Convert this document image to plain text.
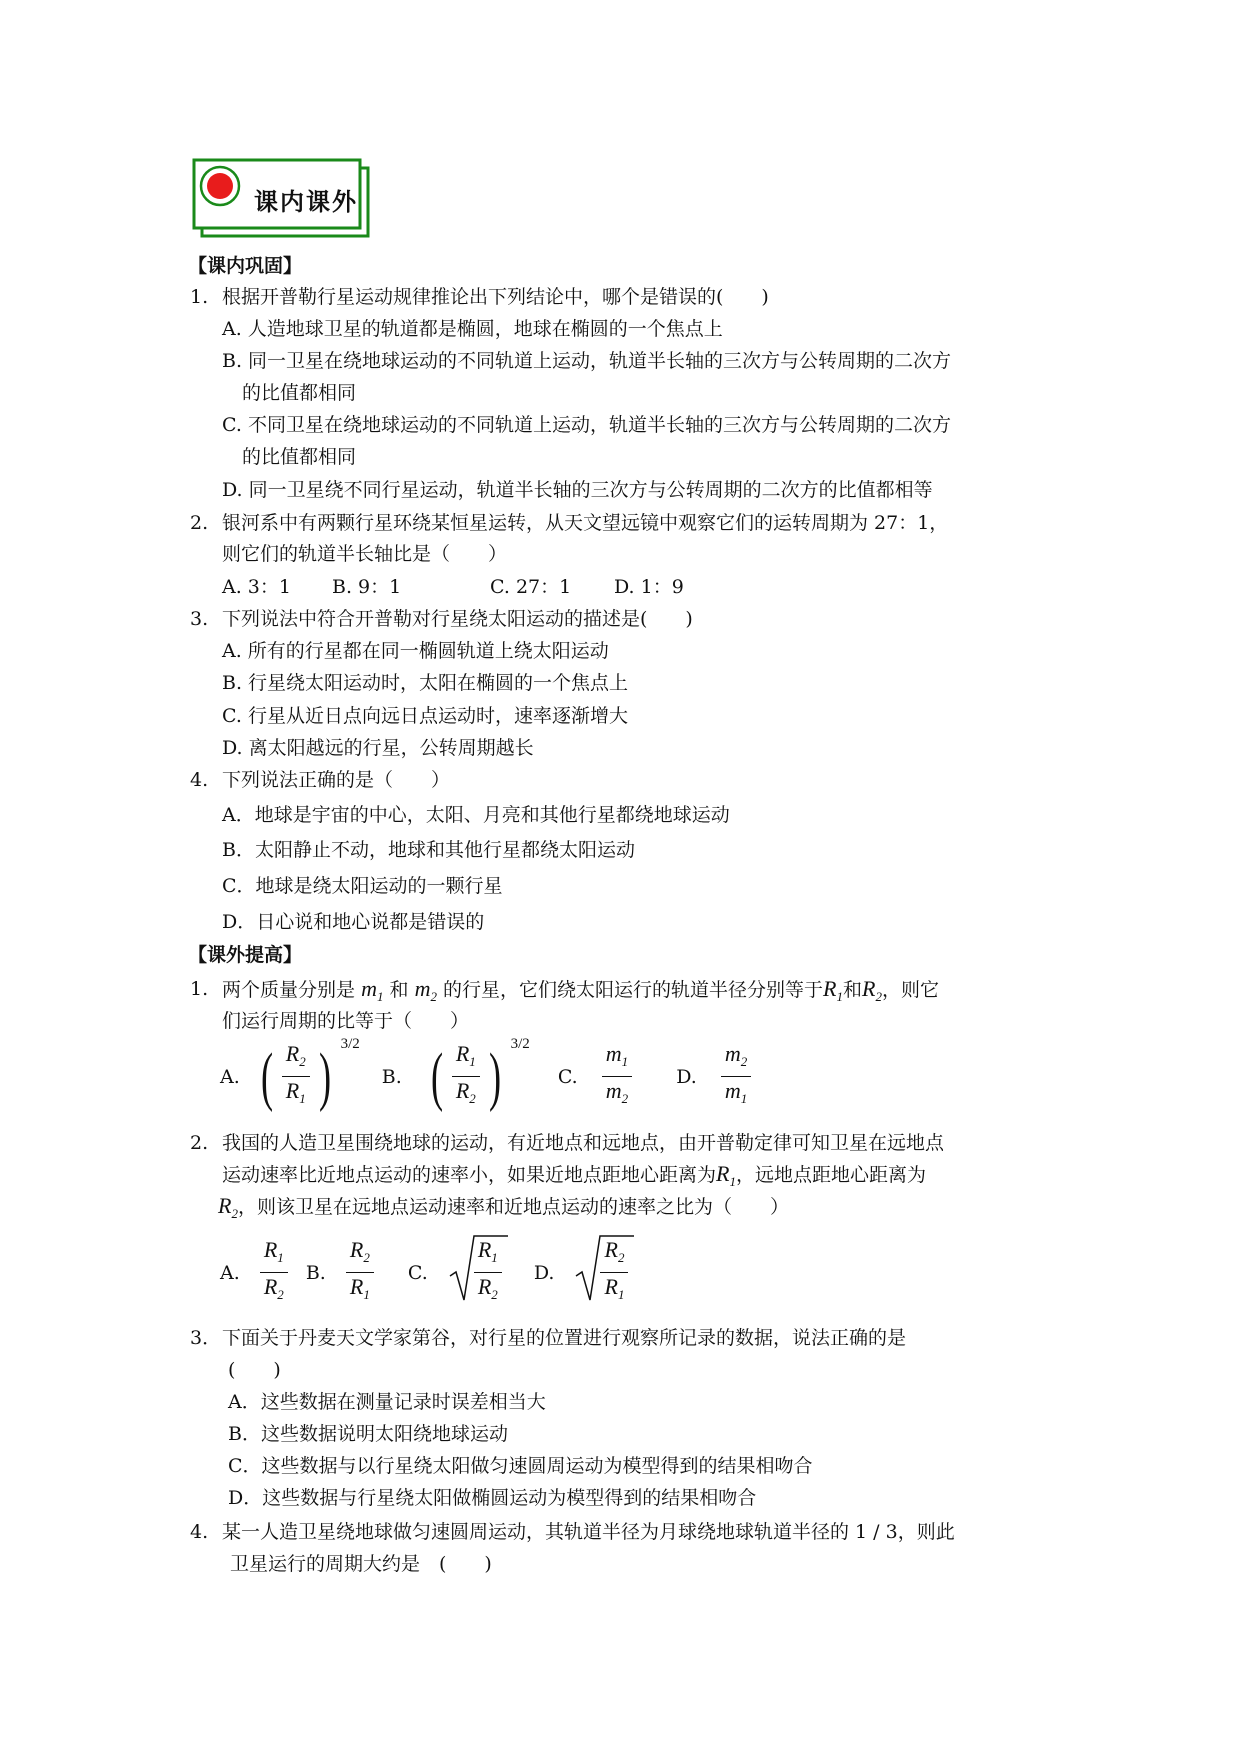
课内课外
【课内巩固】
1. 根据开普勒行星运动规律推论出下列结论中，哪个是错误的(　　)
A. 人造地球卫星的轨道都是椭圆，地球在椭圆的一个焦点上
B. 同一卫星在绕地球运动的不同轨道上运动，轨道半长轴的三次方与公转周期的二次方
的比值都相同
C. 不同卫星在绕地球运动的不同轨道上运动，轨道半长轴的三次方与公转周期的二次方
的比值都相同
D. 同一卫星绕不同行星运动，轨道半长轴的三次方与公转周期的二次方的比值都相等
2. 银河系中有两颗行星环绕某恒星运转，从天文望远镜中观察它们的运转周期为 27：1，
则它们的轨道半长轴比是（　　）
A. 3：1 B. 9：1	C. 27：1 D. 1：9
3. 下列说法中符合开普勒对行星绕太阳运动的描述是(　　)
A. 所有的行星都在同一椭圆轨道上绕太阳运动
B. 行星绕太阳运动时，太阳在椭圆的一个焦点上
C. 行星从近日点向远日点运动时，速率逐渐增大
D. 离太阳越远的行星，公转周期越长
4. 下列说法正确的是（　　）
A．地球是宇宙的中心，太阳、月亮和其他行星都绕地球运动
B．太阳静止不动，地球和其他行星都绕太阳运动
C．地球是绕太阳运动的一颗行星
D．日心说和地心说都是错误的
【课外提高】
1. 两个质量分别是 $m_1$ 和 $m_2$ 的行星，它们绕太阳运行的轨道半径分别等于$R_1$和$R_2$，则它
们运行周期的比等于（　　）
A. ( $\frac{R_2}{R_1}$ ) 3/2
B. ( $\frac{R_1}{R_2}$ ) 3/2
C. $\frac{m_1}{m_2} D$. $\frac{m_2}{m_1}$
2. 我国的人造卫星围绕地球的运动，有近地点和远地点，由开普勒定律可知卫星在远地点
运动速率比近地点运动的速率小，如果近地点距地心距离为$R_1$，远地点距地心距离为
$R_2$，则该卫星在远地点运动速率和近地点运动的速率之比为（　　）
A. $\frac{R_1}{R_2} B$. $\frac{R_2}{R_1} C$. $\frac{R_1}{R_2} D$. $\frac{R_2}{R_1}$
3． 下面关于丹麦天文学家第谷，对行星的位置进行观察所记录的数据，说法正确的是
(　　)
A．这些数据在测量记录时误差相当大
B．这些数据说明太阳绕地球运动
C．这些数据与以行星绕太阳做匀速圆周运动为模型得到的结果相吻合
D．这些数据与行星绕太阳做椭圆运动为模型得到的结果相吻合
4. 某一人造卫星绕地球做匀速圆周运动，其轨道半径为月球绕地球轨道半径的 1 / 3，则此
卫星运行的周期大约是　(　　)
